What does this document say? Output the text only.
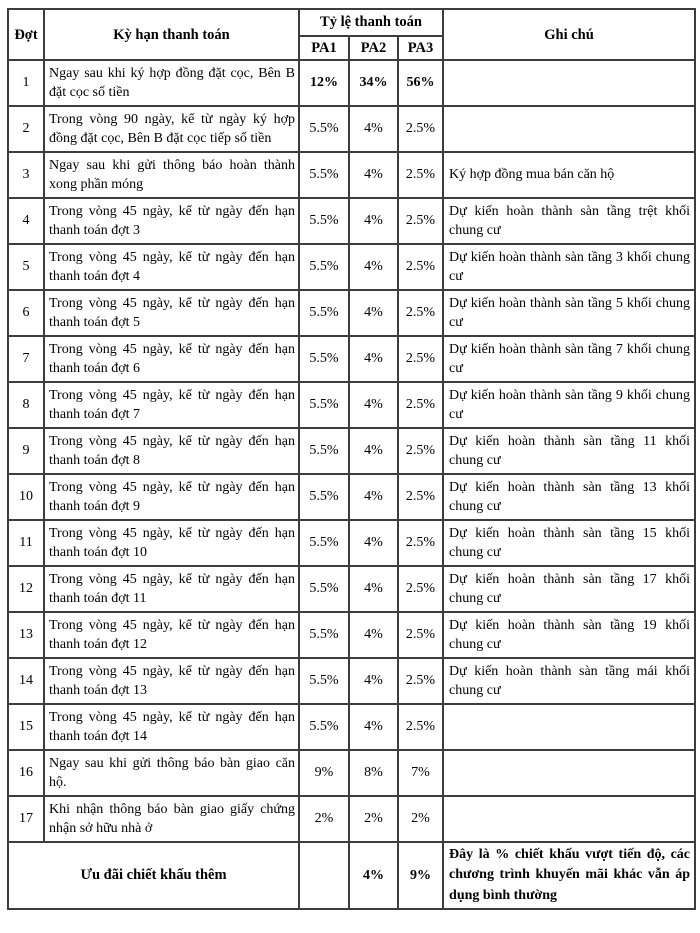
Đợt	Kỳ hạn thanh toán	Tỷ lệ thanh toán			Ghi chú
		PA1	PA2	PA3	
1	Ngay sau khi ký hợp đồng đặt cọc, Bên B đặt cọc số tiền	12%	34%	56%	
2	Trong vòng 90 ngày, kể từ ngày ký hợp đồng đặt cọc, Bên B đặt cọc tiếp số tiền	5.5%	4%	2.5%	
3	Ngay sau khi gửi thông báo hoàn thành xong phần móng	5.5%	4%	2.5%	Ký hợp đồng mua bán căn hộ
4	Trong vòng 45 ngày, kể từ ngày đến hạn thanh toán đợt 3	5.5%	4%	2.5%	Dự kiến hoàn thành sàn tầng trệt khối chung cư
5	Trong vòng 45 ngày, kể từ ngày đến hạn thanh toán đợt 4	5.5%	4%	2.5%	Dự kiến hoàn thành sàn tầng 3 khối chung cư
6	Trong vòng 45 ngày, kể từ ngày đến hạn thanh toán đợt 5	5.5%	4%	2.5%	Dự kiến hoàn thành sàn tầng 5 khối chung cư
7	Trong vòng 45 ngày, kể từ ngày đến hạn thanh toán đợt 6	5.5%	4%	2.5%	Dự kiến hoàn thành sàn tầng 7 khối chung cư
8	Trong vòng 45 ngày, kể từ ngày đến hạn thanh toán đợt 7	5.5%	4%	2.5%	Dự kiến hoàn thành sàn tầng 9 khối chung cư
9	Trong vòng 45 ngày, kể từ ngày đến hạn thanh toán đợt 8	5.5%	4%	2.5%	Dự kiến hoàn thành sàn tầng 11 khối chung cư
10	Trong vòng 45 ngày, kể từ ngày đến hạn thanh toán đợt 9	5.5%	4%	2.5%	Dự kiến hoàn thành sàn tầng 13 khối chung cư
11	Trong vòng 45 ngày, kể từ ngày đến hạn thanh toán đợt 10	5.5%	4%	2.5%	Dự kiến hoàn thành sàn tầng 15 khối chung cư
12	Trong vòng 45 ngày, kể từ ngày đến hạn thanh toán đợt 11	5.5%	4%	2.5%	Dự kiến hoàn thành sàn tầng 17 khối chung cư
13	Trong vòng 45 ngày, kể từ ngày đến hạn thanh toán đợt 12	5.5%	4%	2.5%	Dự kiến hoàn thành sàn tầng 19 khối chung cư
14	Trong vòng 45 ngày, kể từ ngày đến hạn thanh toán đợt 13	5.5%	4%	2.5%	Dự kiến hoàn thành sàn tầng mái khối chung cư
15	Trong vòng 45 ngày, kể từ ngày đến hạn thanh toán đợt 14	5.5%	4%	2.5%	
16	Ngay sau khi gửi thông báo bàn giao căn hộ.	9%	8%	7%	
17	Khi nhận thông báo bàn giao giấy chứng nhận sở hữu nhà ở	2%	2%	2%	
Ưu đãi chiết khấu thêm			4%	9%	Đây là % chiết khấu vượt tiến độ, các chương trình khuyến mãi khác vẫn áp dụng bình thường
